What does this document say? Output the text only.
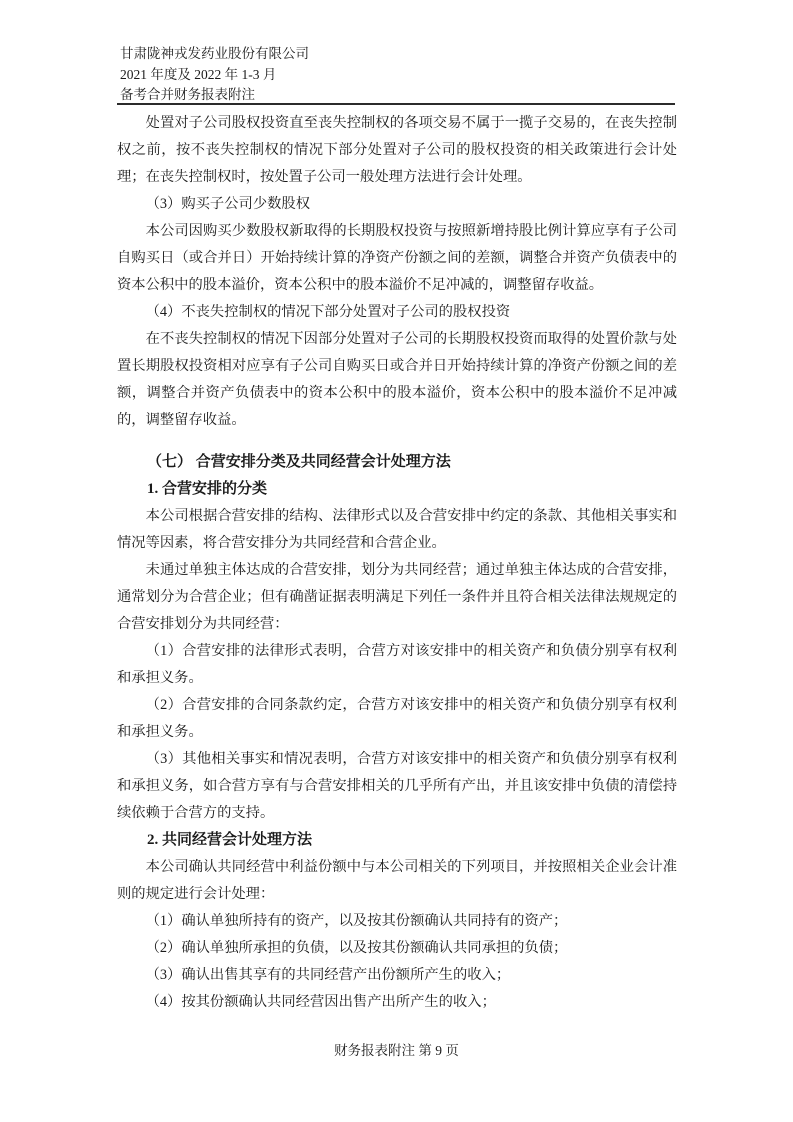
甘肃陇神戎发药业股份有限公司
2021 年度及 2022 年 1-3 月
备考合并财务报表附注
处置对子公司股权投资直至丧失控制权的各项交易不属于一揽子交易的，在丧失控制权之前，按不丧失控制权的情况下部分处置对子公司的股权投资的相关政策进行会计处理；在丧失控制权时，按处置子公司一般处理方法进行会计处理。
（3）购买子公司少数股权
本公司因购买少数股权新取得的长期股权投资与按照新增持股比例计算应享有子公司自购买日（或合并日）开始持续计算的净资产份额之间的差额，调整合并资产负债表中的资本公积中的股本溢价，资本公积中的股本溢价不足冲减的，调整留存收益。
（4）不丧失控制权的情况下部分处置对子公司的股权投资
在不丧失控制权的情况下因部分处置对子公司的长期股权投资而取得的处置价款与处置长期股权投资相对应享有子公司自购买日或合并日开始持续计算的净资产份额之间的差额，调整合并资产负债表中的资本公积中的股本溢价，资本公积中的股本溢价不足冲减的，调整留存收益。
（七） 合营安排分类及共同经营会计处理方法
1. 合营安排的分类
本公司根据合营安排的结构、法律形式以及合营安排中约定的条款、其他相关事实和情况等因素，将合营安排分为共同经营和合营企业。
未通过单独主体达成的合营安排，划分为共同经营；通过单独主体达成的合营安排，通常划分为合营企业；但有确凿证据表明满足下列任一条件并且符合相关法律法规规定的合营安排划分为共同经营：
（1）合营安排的法律形式表明，合营方对该安排中的相关资产和负债分别享有权利和承担义务。
（2）合营安排的合同条款约定，合营方对该安排中的相关资产和负债分别享有权利和承担义务。
（3）其他相关事实和情况表明，合营方对该安排中的相关资产和负债分别享有权利和承担义务，如合营方享有与合营安排相关的几乎所有产出，并且该安排中负债的清偿持续依赖于合营方的支持。
2. 共同经营会计处理方法
本公司确认共同经营中利益份额中与本公司相关的下列项目，并按照相关企业会计准则的规定进行会计处理：
（1）确认单独所持有的资产，以及按其份额确认共同持有的资产；
（2）确认单独所承担的负债，以及按其份额确认共同承担的负债；
（3）确认出售其享有的共同经营产出份额所产生的收入；
（4）按其份额确认共同经营因出售产出所产生的收入；
财务报表附注 第 9 页
